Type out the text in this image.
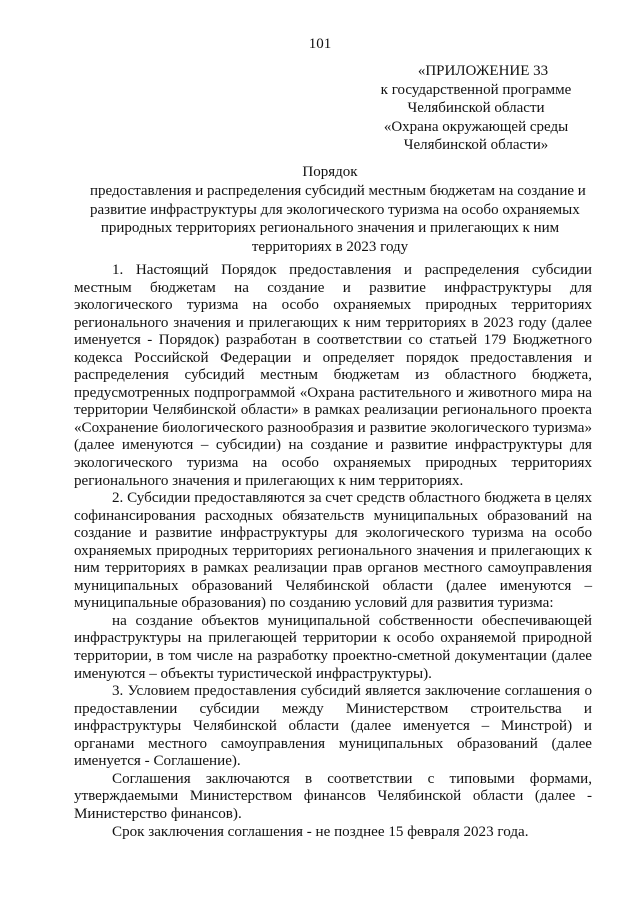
101
«ПРИЛОЖЕНИЕ 33
к государственной программе
Челябинской области
«Охрана окружающей среды
Челябинской области»
Порядок
предоставления и распределения субсидий местным бюджетам на создание и
развитие инфраструктуры для экологического туризма на особо охраняемых
природных территориях регионального значения и прилегающих к ним
территориях в 2023 году

1. Настоящий Порядок предоставления и распределения субсидии местным бюджетам на создание и развитие инфраструктуры для экологического туризма на особо охраняемых природных территориях регионального значения и прилегающих к ним территориях в 2023 году (далее именуется - Порядок) разработан в соответствии со статьей 179 Бюджетного кодекса Российской Федерации и определяет порядок предоставления и распределения субсидий местным бюджетам из областного бюджета, предусмотренных подпрограммой «Охрана растительного и животного мира на территории Челябинской области» в рамках реализации регионального проекта «Сохранение биологического разнообразия и развитие экологического туризма» (далее именуются – субсидии) на создание и развитие инфраструктуры для экологического туризма на особо охраняемых природных территориях регионального значения и прилегающих к ним территориях.

2. Субсидии предоставляются за счет средств областного бюджета в целях софинансирования расходных обязательств муниципальных образований на создание и развитие инфраструктуры для экологического туризма на особо охраняемых природных территориях регионального значения и прилегающих к ним территориях в рамках реализации прав органов местного самоуправления муниципальных образований Челябинской области (далее именуются – муниципальные образования) по созданию условий для развития туризма:

на создание объектов муниципальной собственности обеспечивающей инфраструктуры на прилегающей территории к особо охраняемой природной территории, в том числе на разработку проектно-сметной документации (далее именуются – объекты туристической инфраструктуры).

3. Условием предоставления субсидий является заключение соглашения о предоставлении субсидии между Министерством строительства и инфраструктуры Челябинской области (далее именуется – Минстрой) и органами местного самоуправления муниципальных образований (далее именуется - Соглашение).

Соглашения заключаются в соответствии с типовыми формами, утверждаемыми Министерством финансов Челябинской области (далее - Министерство финансов).

Срок заключения соглашения - не позднее 15 февраля 2023 года.
